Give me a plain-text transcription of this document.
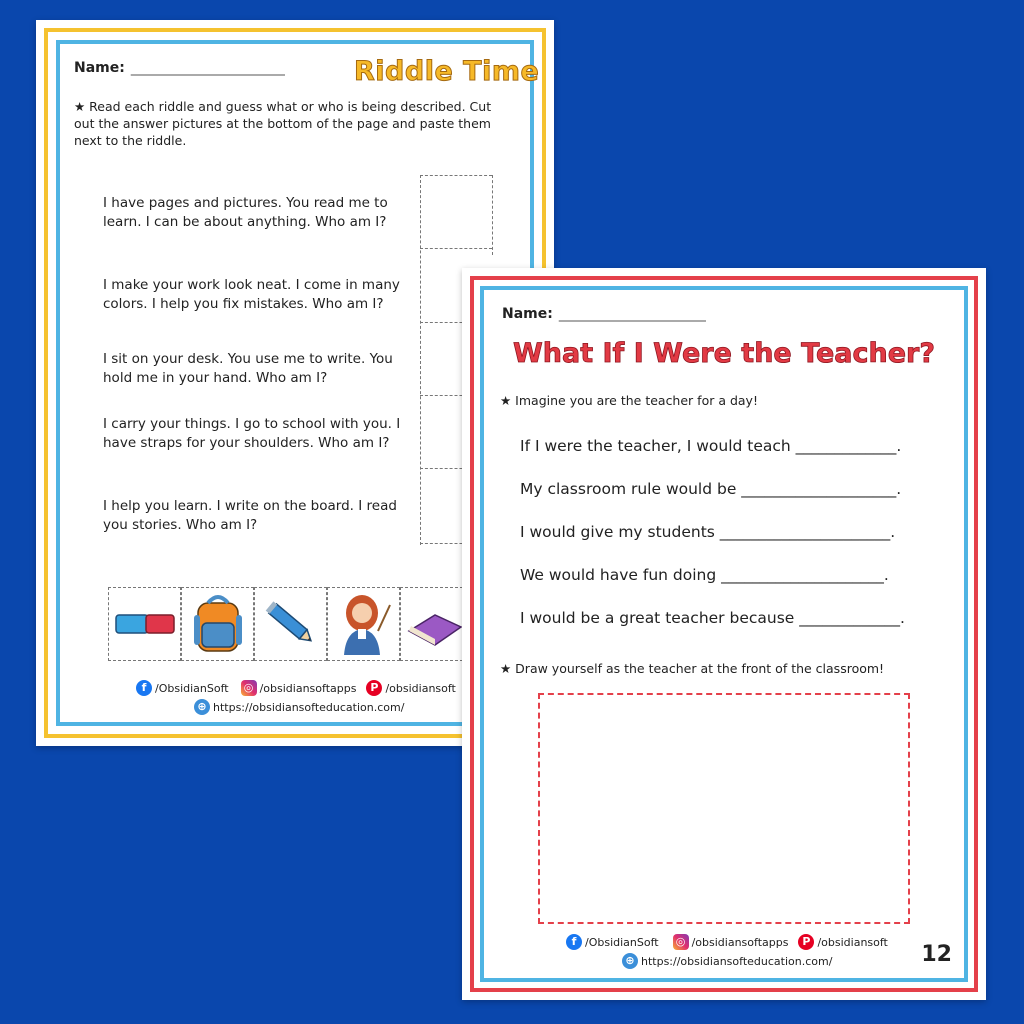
Name: ______________________	Riddle Time
★ Read each riddle and guess what or who is being described. Cut out the answer pictures at the bottom of the page and paste them next to the riddle.
I have pages and pictures. You read me to learn. I can be about anything. Who am I?
I make your work look neat. I come in many colors. I help you fix mistakes. Who am I?
I sit on your desk. You use me to write. You hold me in your hand. Who am I?
I carry your things. I go to school with you. I have straps for your shoulders. Who am I?
I help you learn. I write on the board. I read you stories. Who am I?
f /ObsidianSoft ◎ /obsidiansoftapps	P /obsidiansoft
⊕ https://obsidiansofteducation.com/
Name: _____________________
What If I Were the Teacher?
★ Imagine you are the teacher for a day!
If I were the teacher, I would teach _____________.
My classroom rule would be ____________________.
I would give my students ______________________.
We would have fun doing _____________________.
I would be a great teacher because _____________.
★ Draw yourself as the teacher at the front of the classroom!
f /ObsidianSoft ◎ /obsidiansoftapps	P /obsidiansoft
⊕ https://obsidiansofteducation.com/	12
